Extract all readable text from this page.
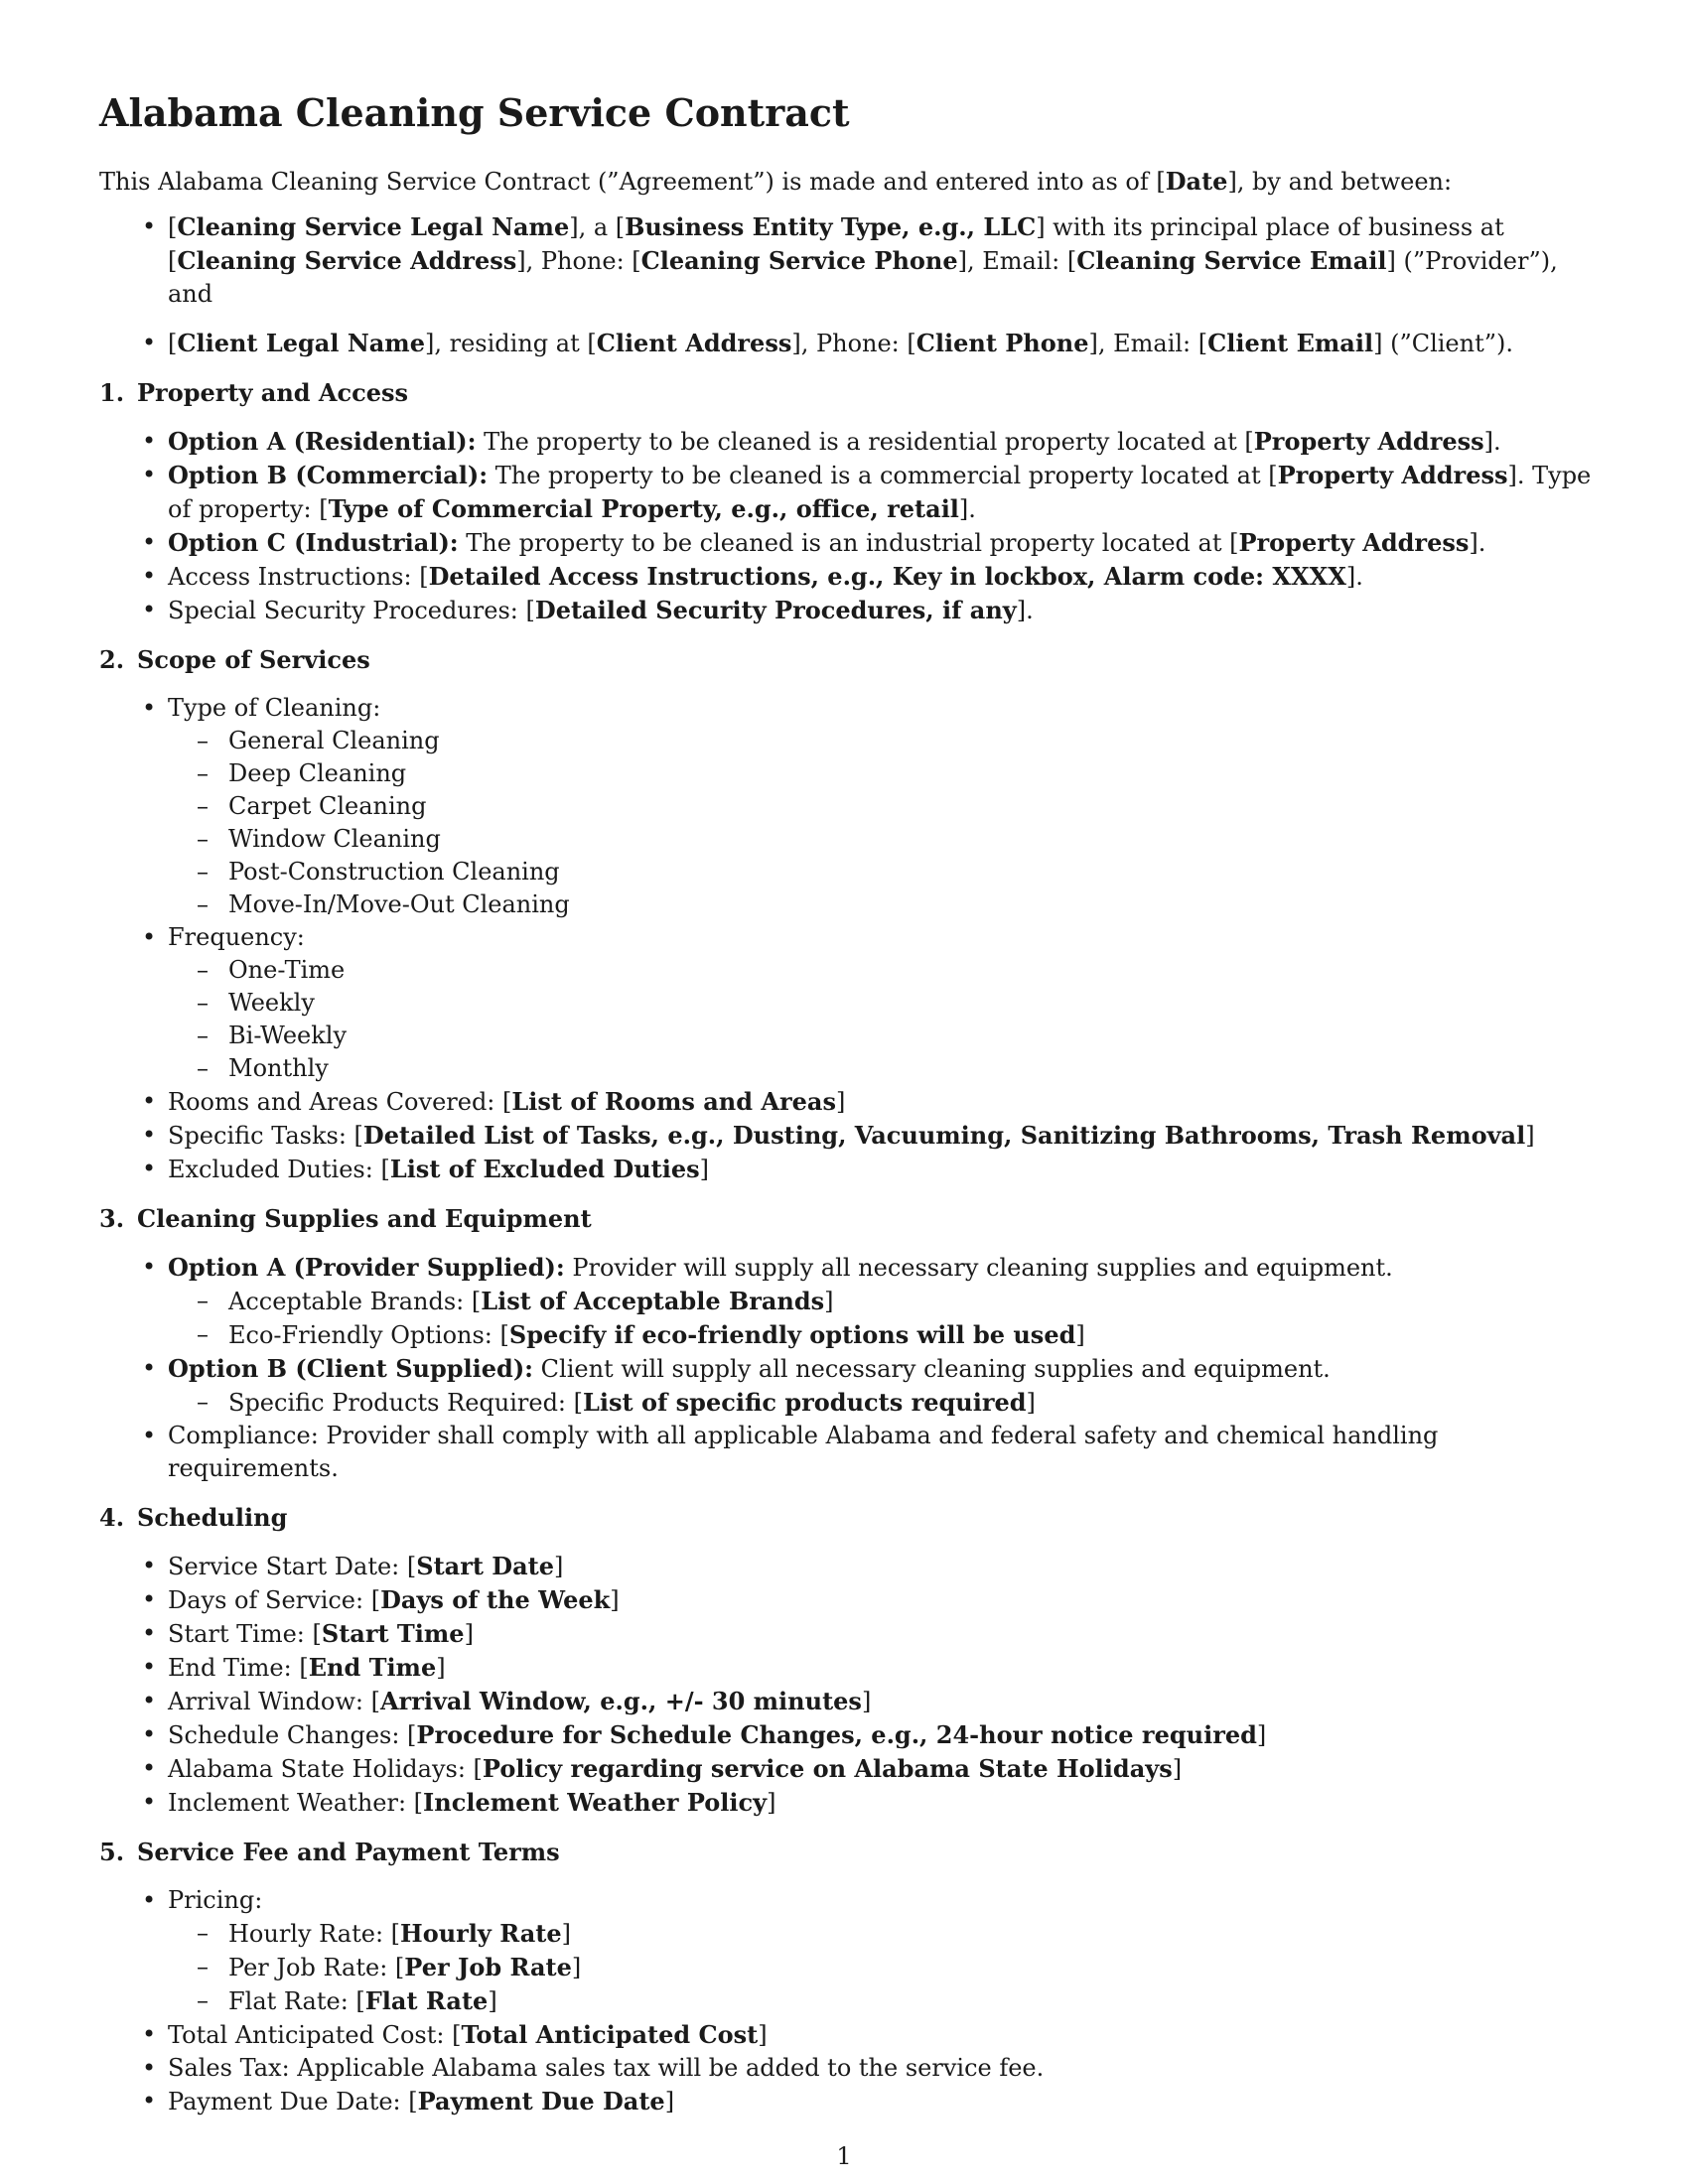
Alabama Cleaning Service Contract

This Alabama Cleaning Service Contract (”Agreement”) is made and entered into as of [Date], by and between:

• [Cleaning Service Legal Name], a [Business Entity Type, e.g., LLC] with its principal place of business at [Cleaning Service Address], Phone: [Cleaning Service Phone], Email: [Cleaning Service Email] (”Provider”), and
• [Client Legal Name], residing at [Client Address], Phone: [Client Phone], Email: [Client Email] (”Client”).
1. Property and Access
• Option A (Residential): The property to be cleaned is a residential property located at [Property Address].
• Option B (Commercial): The property to be cleaned is a commercial property located at [Property Address]. Type of property: [Type of Commercial Property, e.g., office, retail].
• Option C (Industrial): The property to be cleaned is an industrial property located at [Property Address].
• Access Instructions: [Detailed Access Instructions, e.g., Key in lockbox, Alarm code: XXXX].
• Special Security Procedures: [Detailed Security Procedures, if any].
2. Scope of Services
• Type of Cleaning:
– General Cleaning
– Deep Cleaning
– Carpet Cleaning
– Window Cleaning
– Post-Construction Cleaning
– Move-In/Move-Out Cleaning
• Frequency:
– One-Time
– Weekly
– Bi-Weekly
– Monthly
• Rooms and Areas Covered: [List of Rooms and Areas]
• Specific Tasks: [Detailed List of Tasks, e.g., Dusting, Vacuuming, Sanitizing Bathrooms, Trash Removal]
• Excluded Duties: [List of Excluded Duties]
3. Cleaning Supplies and Equipment
• Option A (Provider Supplied): Provider will supply all necessary cleaning supplies and equipment.
– Acceptable Brands: [List of Acceptable Brands]
– Eco-Friendly Options: [Specify if eco-friendly options will be used]
• Option B (Client Supplied): Client will supply all necessary cleaning supplies and equipment.
– Specific Products Required: [List of specific products required]
• Compliance: Provider shall comply with all applicable Alabama and federal safety and chemical handling requirements.
4. Scheduling
• Service Start Date: [Start Date]
• Days of Service: [Days of the Week]
• Start Time: [Start Time]
• End Time: [End Time]
• Arrival Window: [Arrival Window, e.g., +/- 30 minutes]
• Schedule Changes: [Procedure for Schedule Changes, e.g., 24-hour notice required]
• Alabama State Holidays: [Policy regarding service on Alabama State Holidays]
• Inclement Weather: [Inclement Weather Policy]
5. Service Fee and Payment Terms
• Pricing:
– Hourly Rate: [Hourly Rate]
– Per Job Rate: [Per Job Rate]
– Flat Rate: [Flat Rate]
• Total Anticipated Cost: [Total Anticipated Cost]
• Sales Tax: Applicable Alabama sales tax will be added to the service fee.
• Payment Due Date: [Payment Due Date]
1
